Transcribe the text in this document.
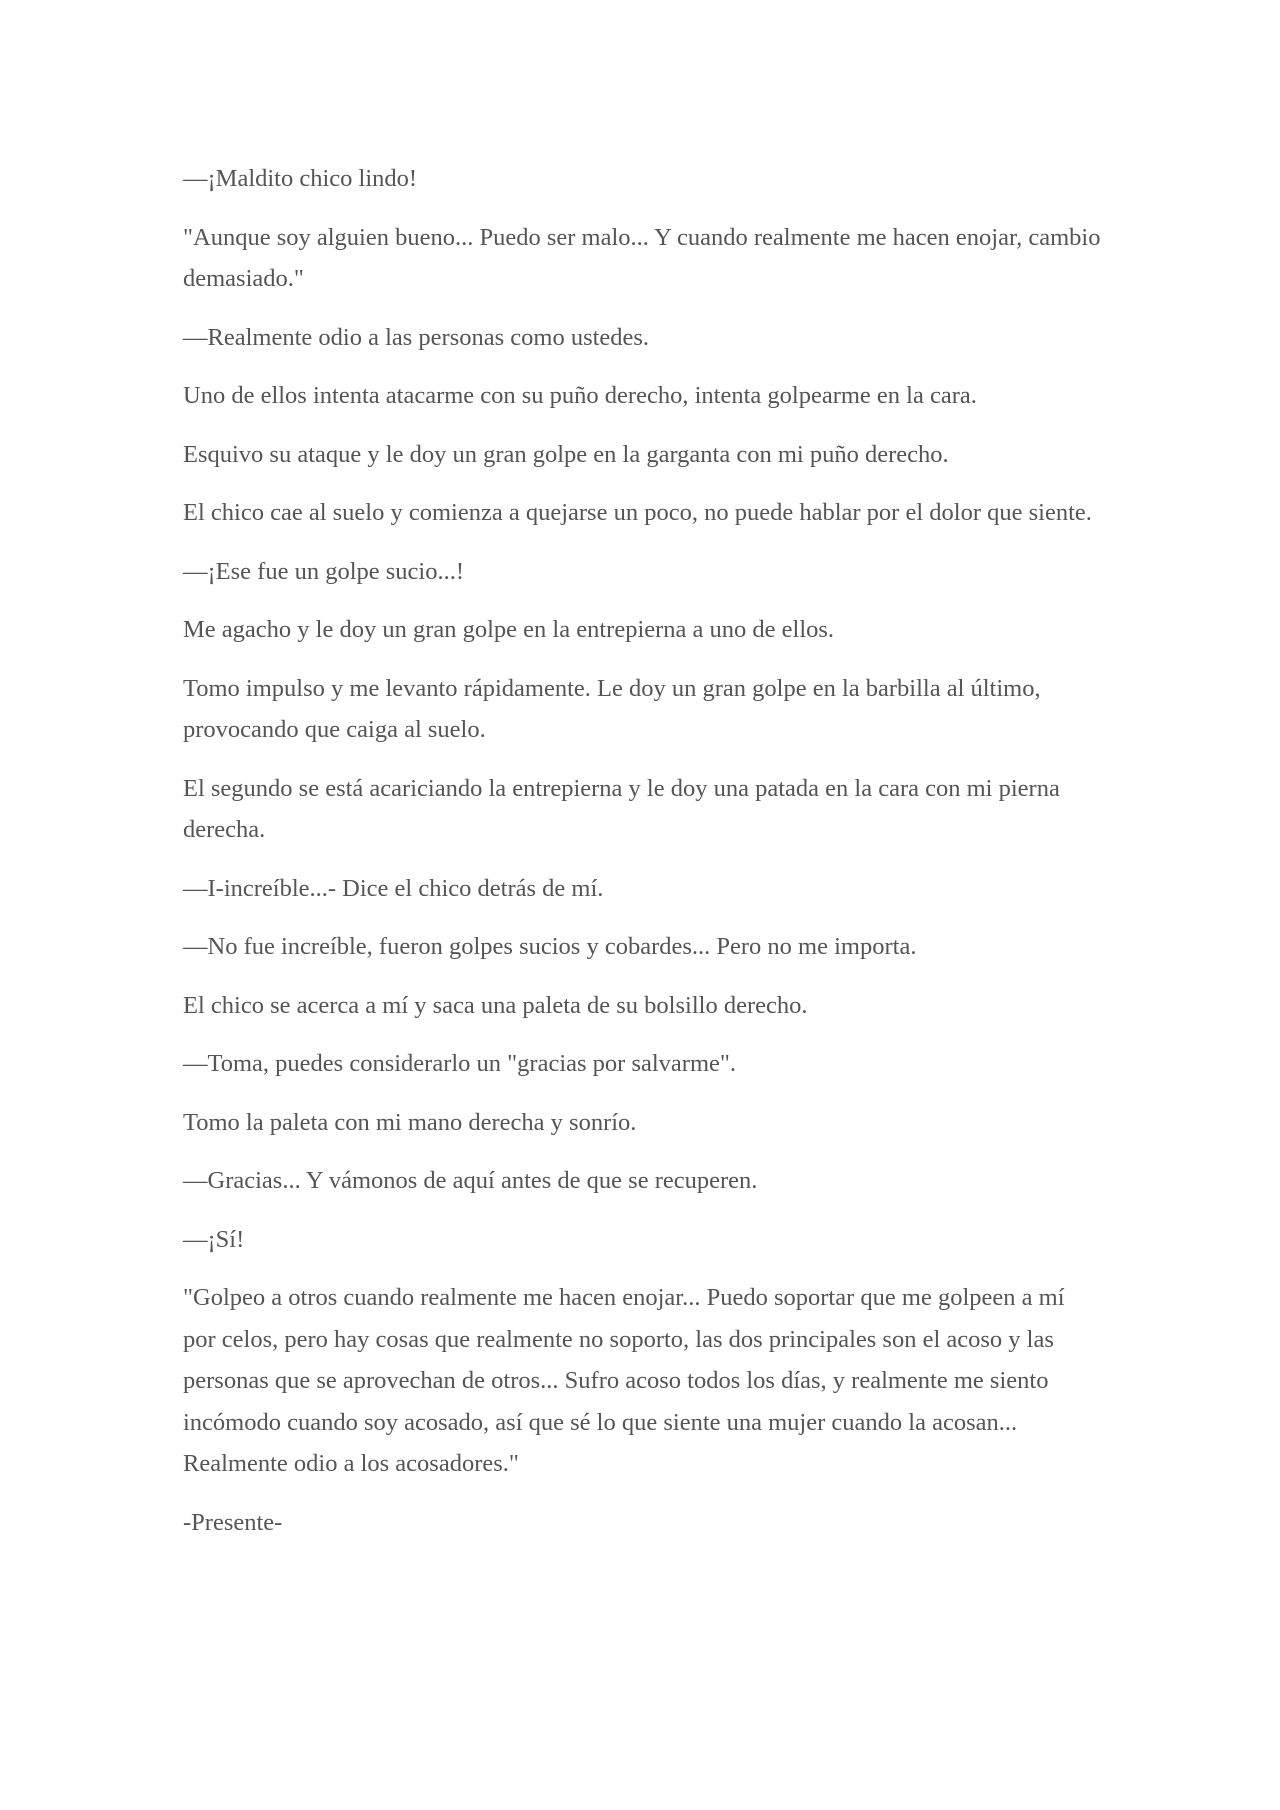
—¡Maldito chico lindo!

"Aunque soy alguien bueno... Puedo ser malo... Y cuando realmente me hacen enojar, cambio demasiado."

—Realmente odio a las personas como ustedes.

Uno de ellos intenta atacarme con su puño derecho, intenta golpearme en la cara.

Esquivo su ataque y le doy un gran golpe en la garganta con mi puño derecho.

El chico cae al suelo y comienza a quejarse un poco, no puede hablar por el dolor que siente.

—¡Ese fue un golpe sucio...!

Me agacho y le doy un gran golpe en la entrepierna a uno de ellos.

Tomo impulso y me levanto rápidamente. Le doy un gran golpe en la barbilla al último, provocando que caiga al suelo.

El segundo se está acariciando la entrepierna y le doy una patada en la cara con mi pierna derecha.

—I-increíble...- Dice el chico detrás de mí.

—No fue increíble, fueron golpes sucios y cobardes... Pero no me importa.

El chico se acerca a mí y saca una paleta de su bolsillo derecho.

—Toma, puedes considerarlo un "gracias por salvarme".

Tomo la paleta con mi mano derecha y sonrío.

—Gracias... Y vámonos de aquí antes de que se recuperen.

—¡Sí!

"Golpeo a otros cuando realmente me hacen enojar... Puedo soportar que me golpeen a mí por celos, pero hay cosas que realmente no soporto, las dos principales son el acoso y las personas que se aprovechan de otros... Sufro acoso todos los días, y realmente me siento incómodo cuando soy acosado, así que sé lo que siente una mujer cuando la acosan... Realmente odio a los acosadores."

-Presente-
